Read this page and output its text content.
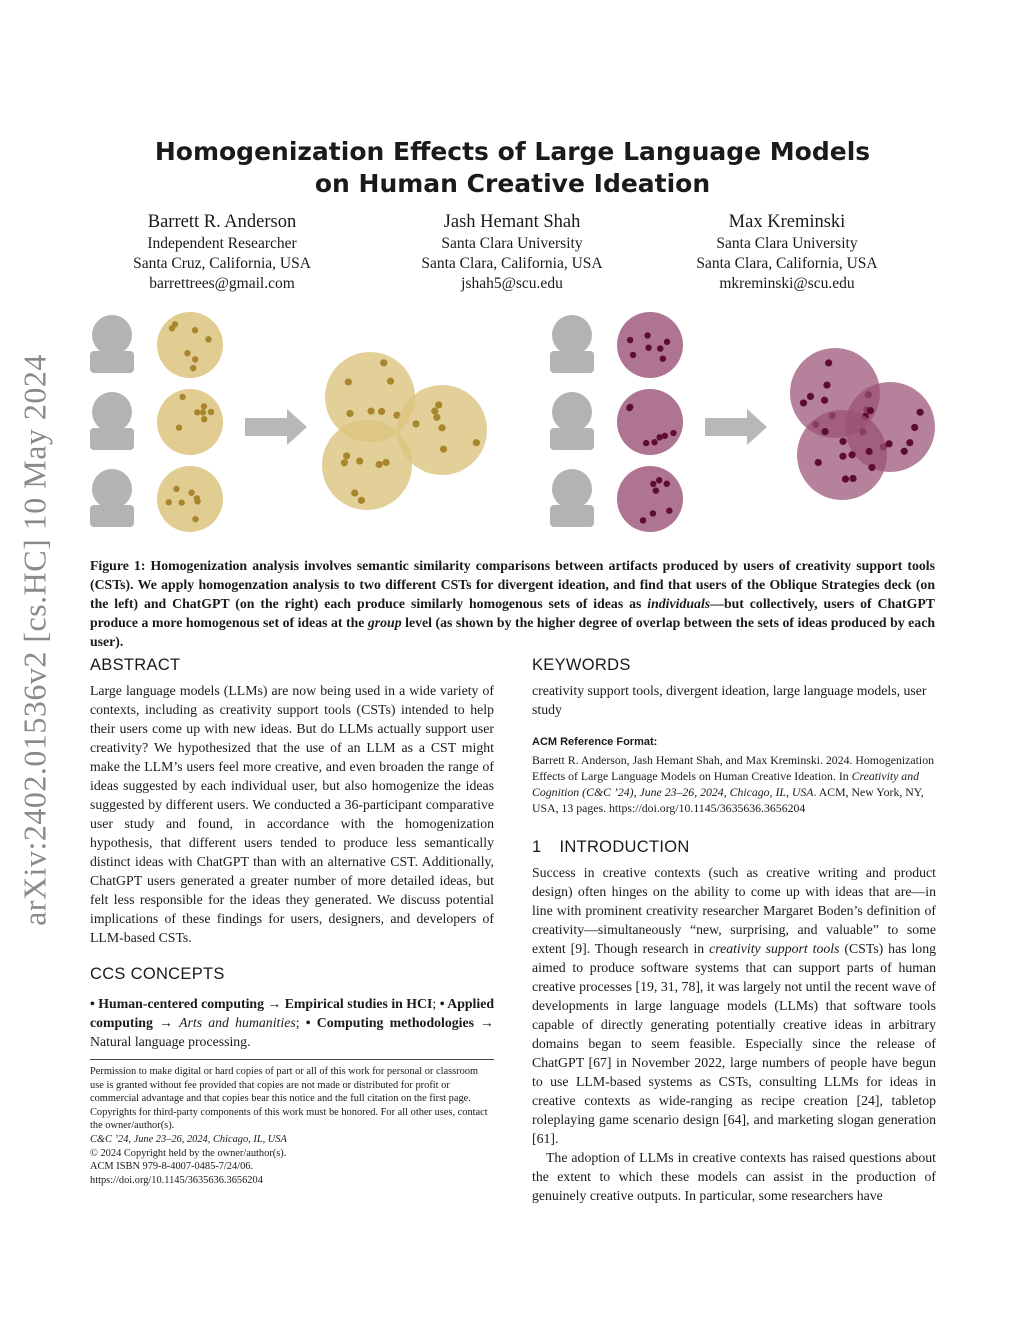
arXiv:2402.01536v2 [cs.HC] 10 May 2024
Homogenization Effects of Large Language Models
on Human Creative Ideation
Barrett R. Anderson
Independent Researcher
Santa Cruz, California, USA
barrettrees@gmail.com
Jash Hemant Shah
Santa Clara University
Santa Clara, California, USA
jshah5@scu.edu
Max Kreminski
Santa Clara University
Santa Clara, California, USA
mkreminski@scu.edu

Figure 1: Homogenization analysis involves semantic similarity comparisons between artifacts produced by users of creativity support tools (CSTs). We apply homogenzation analysis to two different CSTs for divergent ideation, and find that users of the Oblique Strategies deck (on the left) and ChatGPT (on the right) each produce similarly homogenous sets of ideas as individuals—but collectively, users of ChatGPT produce a more homogenous set of ideas at the group level (as shown by the higher degree of overlap between the sets of ideas produced by each user).

ABSTRACT

Large language models (LLMs) are now being used in a wide variety of contexts, including as creativity support tools (CSTs) intended to help their users come up with new ideas. But do LLMs actually support user creativity? We hypothesized that the use of an LLM as a CST might make the LLM’s users feel more creative, and even broaden the range of ideas suggested by each individual user, but also homogenize the ideas suggested by different users. We conducted a 36-participant comparative user study and found, in accordance with the homogenization hypothesis, that different users tended to produce less semantically distinct ideas with ChatGPT than with an alternative CST. Additionally, ChatGPT users generated a greater number of more detailed ideas, but felt less responsible for the ideas they generated. We discuss potential implications of these findings for users, designers, and developers of LLM-based CSTs.

CCS CONCEPTS

• Human-centered computing → Empirical studies in HCI; • Applied computing → Arts and humanities; • Computing methodologies → Natural language processing.

Permission to make digital or hard copies of part or all of this work for personal or classroom use is granted without fee provided that copies are not made or distributed for profit or commercial advantage and that copies bear this notice and the full citation on the first page. Copyrights for third-party components of this work must be honored. For all other uses, contact the owner/author(s).

C&C ’24, June 23–26, 2024, Chicago, IL, USA

© 2024 Copyright held by the owner/author(s).

ACM ISBN 979-8-4007-0485-7/24/06.

https://doi.org/10.1145/3635636.3656204

KEYWORDS

creativity support tools, divergent ideation, large language models, user study

ACM Reference Format:

Barrett R. Anderson, Jash Hemant Shah, and Max Kreminski. 2024. Homogenization Effects of Large Language Models on Human Creative Ideation. In Creativity and Cognition (C&C ’24), June 23–26, 2024, Chicago, IL, USA. ACM, New York, NY, USA, 13 pages. https://doi.org/10.1145/3635636.3656204

1 INTRODUCTION

Success in creative contexts (such as creative writing and product design) often hinges on the ability to come up with ideas that are—in line with prominent creativity researcher Margaret Boden’s definition of creativity—simultaneously “new, surprising, and valuable” to some extent [9]. Though research in creativity support tools (CSTs) has long aimed to produce software systems that can support parts of human creative processes [19, 31, 78], it was largely not until the recent wave of developments in large language models (LLMs) that software tools capable of directly generating potentially creative ideas in arbitrary domains began to seem feasible. Especially since the release of ChatGPT [67] in November 2022, large numbers of people have begun to use LLM-based systems as CSTs, consulting LLMs for ideas in creative contexts as wide-ranging as recipe creation [24], tabletop roleplaying game scenario design [64], and marketing slogan generation [61].

The adoption of LLMs in creative contexts has raised questions about the extent to which these models can assist in the production of genuinely creative outputs. In particular, some researchers have
